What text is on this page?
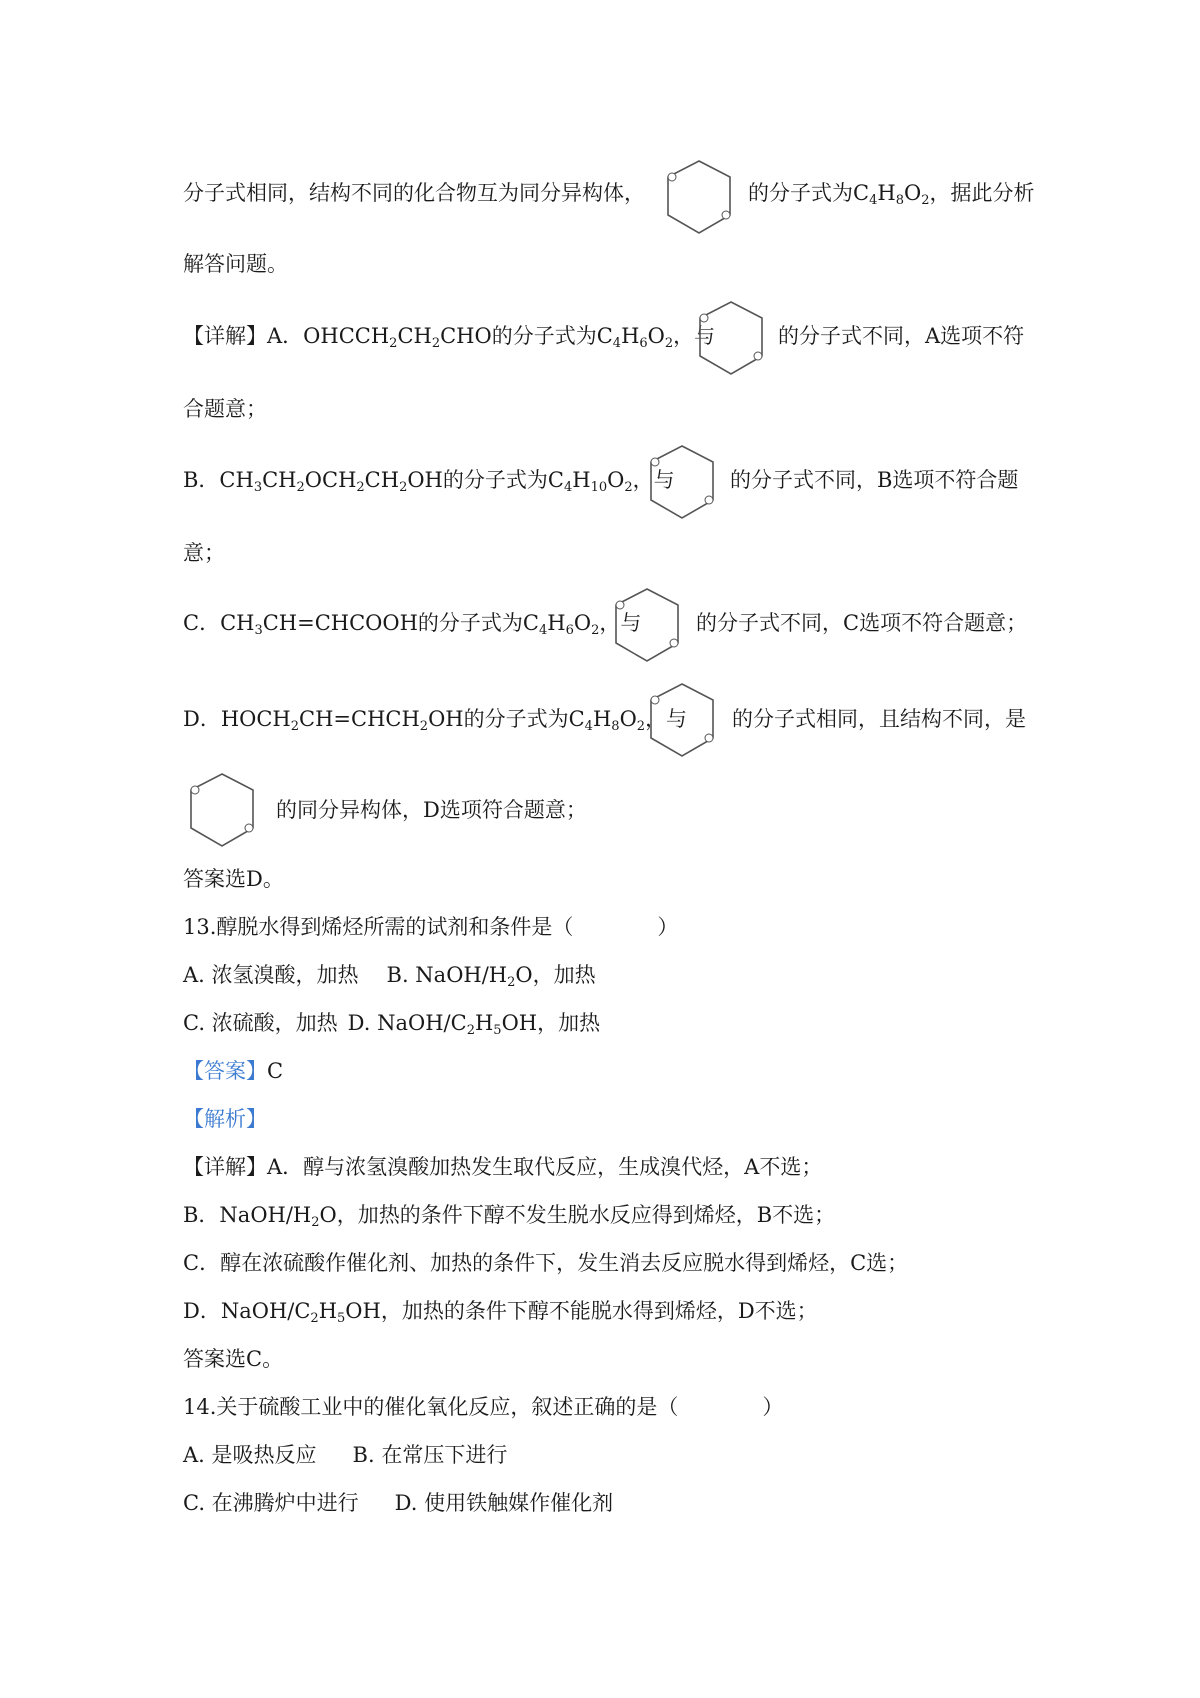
分子式相同，结构不同的化合物互为同分异构体，	的分子式为$C_4H_8O_2$，据此分析
解答问题。
【详解】A．$OHCCH_2CH_2CHO$的分子式为$C_4H_6O_2$，与	的分子式不同，A选项不符
合题意；
B．$CH_3CH_2OCH_2CH_2OH$的分子式为$C_4H_{10}O_2$，与	的分子式不同，B选项不符合题
意；
C．$CH_3CH=CHCOOH$的分子式为$C_4H_6O_2$，与	的分子式不同，C选项不符合题意；
D．$HOCH_2CH=CHCH_2OH$的分子式为$C_4H_8O_2$，与 的分子式相同，且结构不同，是
的同分异构体，D选项符合题意；
答案选D。
13.醇脱水得到烯烃所需的试剂和条件是（　　　　）
A. 浓氢溴酸，加热 B. NaOH/$H_2O$，加热
C. 浓硫酸，加热 D. NaOH/$C_2H_5OH$，加热
【答案】C
【解析】
【详解】A．醇与浓氢溴酸加热发生取代反应，生成溴代烃，A不选；
B．NaOH/$H_2O$，加热的条件下醇不发生脱水反应得到烯烃，B不选；
C．醇在浓硫酸作催化剂、加热的条件下，发生消去反应脱水得到烯烃，C选；
D．NaOH/$C_2H_5OH$，加热的条件下醇不能脱水得到烯烃，D不选；
答案选C。
14.关于硫酸工业中的催化氧化反应，叙述正确的是（　　　　）
A. 是吸热反应 B. 在常压下进行
C. 在沸腾炉中进行 D. 使用铁触媒作催化剂
